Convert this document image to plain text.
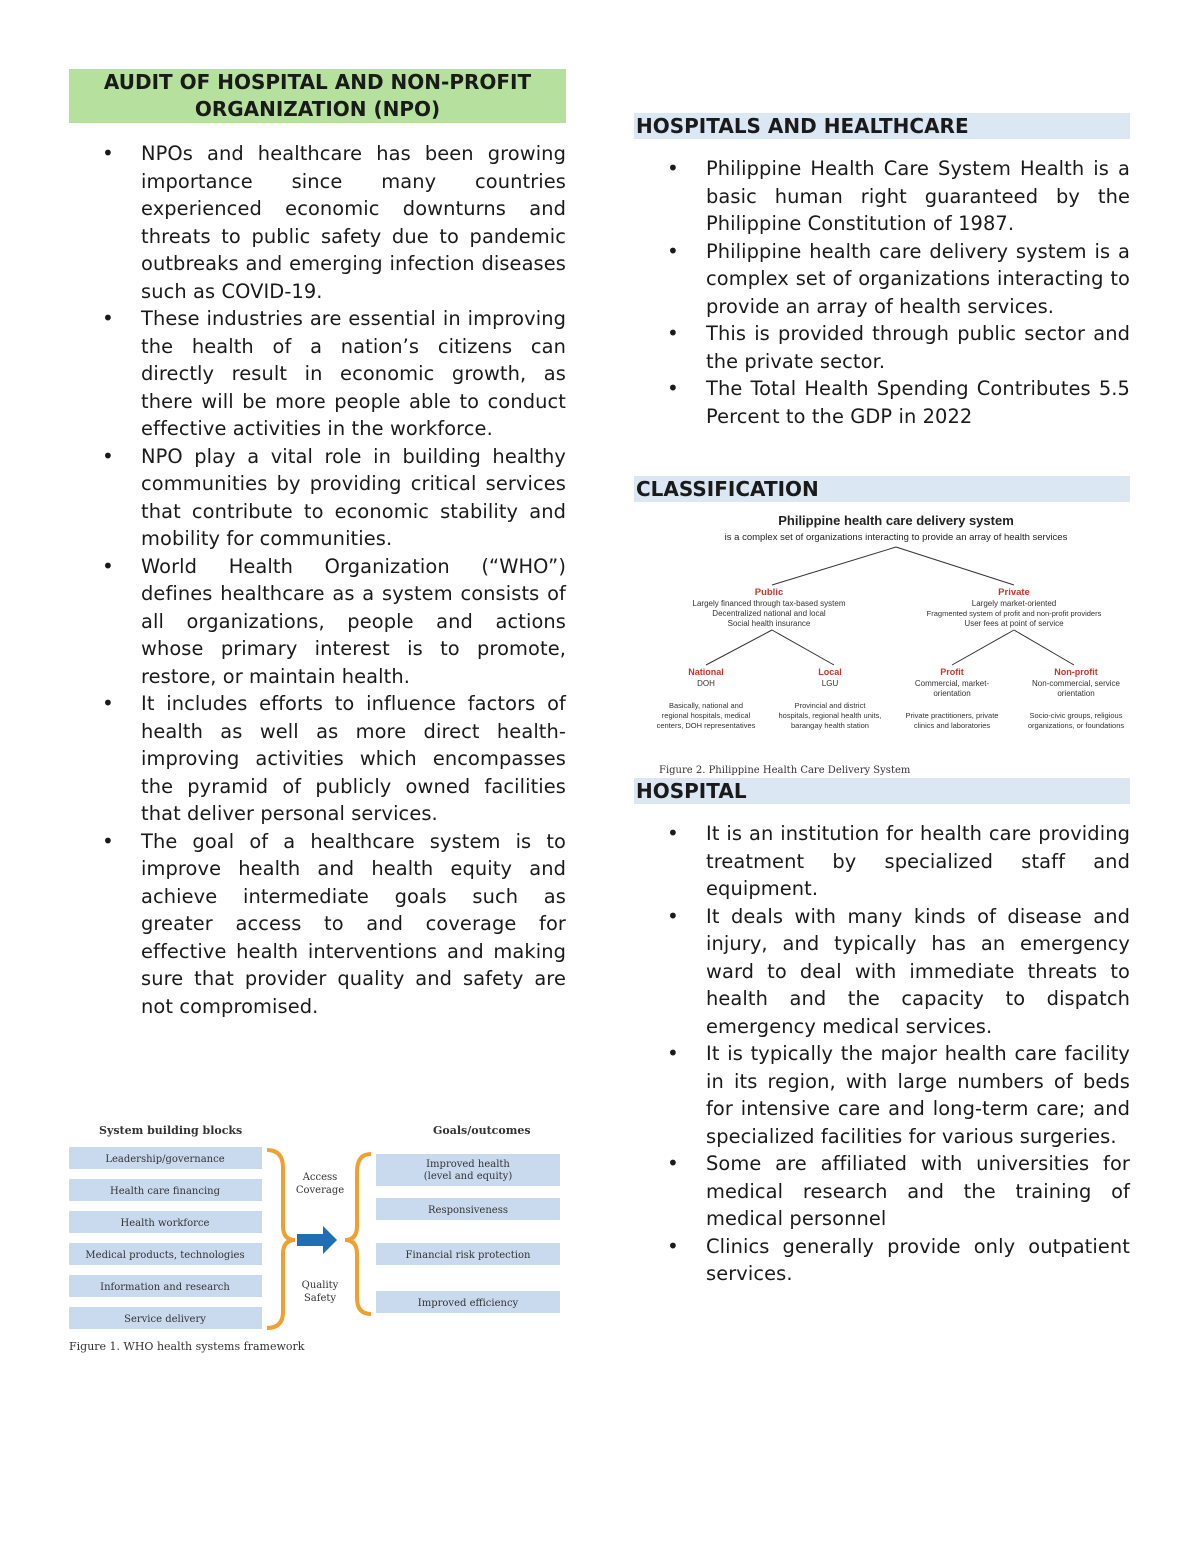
AUDIT OF HOSPITAL AND NON-PROFIT
ORGANIZATION (NPO)
• NPOs and healthcare has been growing importance since many countries experienced economic downturns and threats to public safety due to pandemic outbreaks and emerging infection diseases such as COVID-19.
• These industries are essential in improving the health of a nation’s citizens can directly result in economic growth, as there will be more people able to conduct effective activities in the workforce.
• NPO play a vital role in building healthy communities by providing critical services that contribute to economic stability and mobility for communities.
• World Health Organization (“WHO”) defines healthcare as a system consists of all organizations, people and actions whose primary interest is to promote, restore, or maintain health.
• It includes efforts to influence factors of health as well as more direct health-improving activities which encompasses the pyramid of publicly owned facilities that deliver personal services.
• The goal of a healthcare system is to improve health and health equity and achieve intermediate goals such as greater access to and coverage for effective health interventions and making sure that provider quality and safety are not compromised.
System building blocks	Goals/outcomes
Leadership/governance
Health care financing
Health workforce
Medical products, technologies
Information and research
Service delivery
Access
Coverage
Quality
Safety
Improved health
(level and equity)
Responsiveness
Financial risk protection
Improved efficiency
Figure 1. WHO health systems framework
HOSPITALS AND HEALTHCARE
• Philippine Health Care System Health is a basic human right guaranteed by the Philippine Constitution of 1987.
• Philippine health care delivery system is a complex set of organizations interacting to provide an array of health services.
• This is provided through public sector and the private sector.
• The Total Health Spending Contributes 5.5 Percent to the GDP in 2022
CLASSIFICATION
Philippine health care delivery system
is a complex set of organizations interacting to provide an array of health services
Public
Largely financed through tax-based system
Decentralized national and local
Social health insurance
Private
Largely market-oriented
Fragmented system of profit and non-profit providers
User fees at point of service
National
DOH
Basically, national and
regional hospitals, medical
centers, DOH representatives
Local
LGU
Provincial and district
hospitals, regional health units,
barangay health station
Profit
Commercial, market-
orientation
Private practitioners, private
clinics and laboratories
Non-profit
Non-commercial, service
orientation
Socio-civic groups, religious
organizations, or foundations
Figure 2. Philippine Health Care Delivery System
HOSPITAL
• It is an institution for health care providing treatment by specialized staff and equipment.
• It deals with many kinds of disease and injury, and typically has an emergency ward to deal with immediate threats to health and the capacity to dispatch emergency medical services.
• It is typically the major health care facility in its region, with large numbers of beds for intensive care and long-term care; and specialized facilities for various surgeries.
• Some are affiliated with universities for medical research and the training of medical personnel
• Clinics generally provide only outpatient services.
